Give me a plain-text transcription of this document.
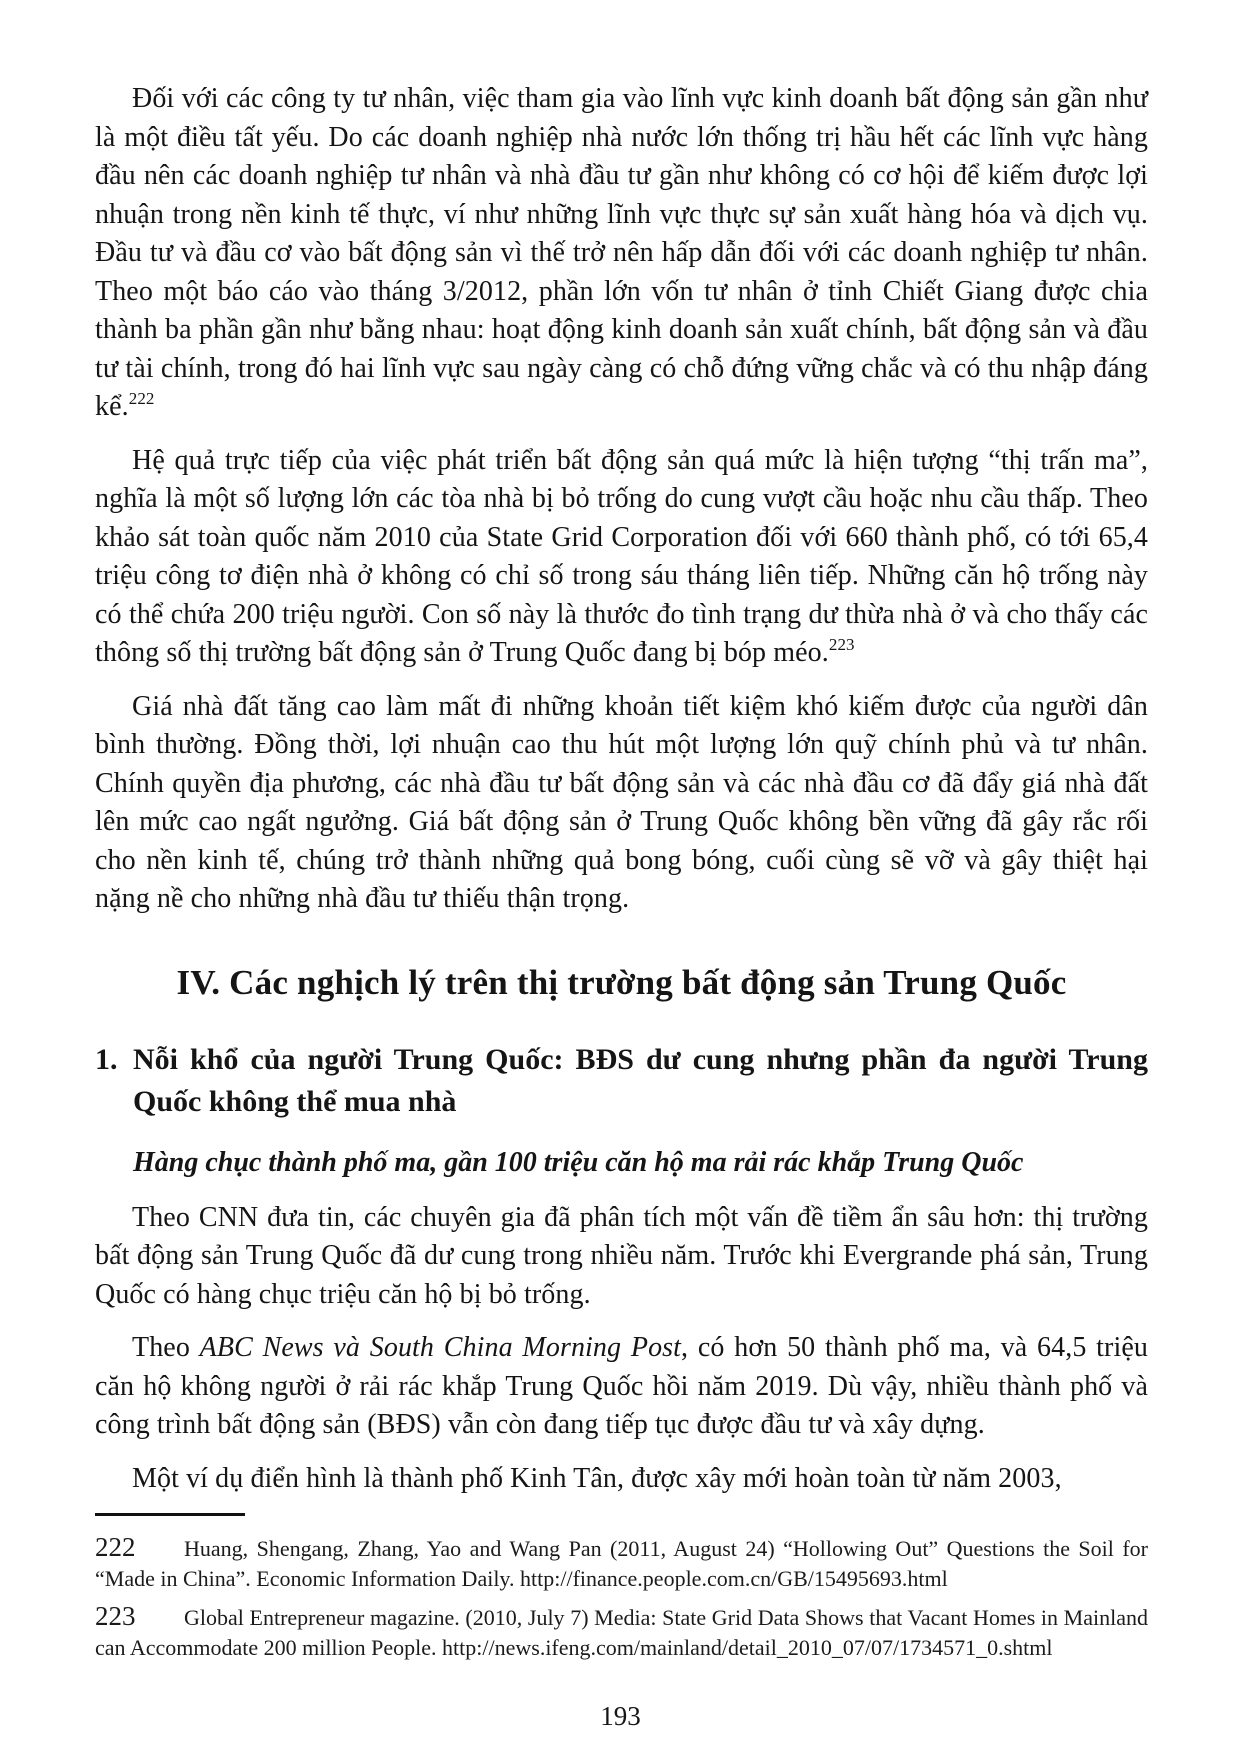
Đối với các công ty tư nhân, việc tham gia vào lĩnh vực kinh doanh bất động sản gần như là một điều tất yếu. Do các doanh nghiệp nhà nước lớn thống trị hầu hết các lĩnh vực hàng đầu nên các doanh nghiệp tư nhân và nhà đầu tư gần như không có cơ hội để kiếm được lợi nhuận trong nền kinh tế thực, ví như những lĩnh vực thực sự sản xuất hàng hóa và dịch vụ. Đầu tư và đầu cơ vào bất động sản vì thế trở nên hấp dẫn đối với các doanh nghiệp tư nhân. Theo một báo cáo vào tháng 3/2012, phần lớn vốn tư nhân ở tỉnh Chiết Giang được chia thành ba phần gần như bằng nhau: hoạt động kinh doanh sản xuất chính, bất động sản và đầu tư tài chính, trong đó hai lĩnh vực sau ngày càng có chỗ đứng vững chắc và có thu nhập đáng kể.$^{222}$

Hệ quả trực tiếp của việc phát triển bất động sản quá mức là hiện tượng “thị trấn ma”, nghĩa là một số lượng lớn các tòa nhà bị bỏ trống do cung vượt cầu hoặc nhu cầu thấp. Theo khảo sát toàn quốc năm 2010 của State Grid Corporation đối với 660 thành phố, có tới 65,4 triệu công tơ điện nhà ở không có chỉ số trong sáu tháng liên tiếp. Những căn hộ trống này có thể chứa 200 triệu người. Con số này là thước đo tình trạng dư thừa nhà ở và cho thấy các thông số thị trường bất động sản ở Trung Quốc đang bị bóp méo.$^{223}$

Giá nhà đất tăng cao làm mất đi những khoản tiết kiệm khó kiếm được của người dân bình thường. Đồng thời, lợi nhuận cao thu hút một lượng lớn quỹ chính phủ và tư nhân. Chính quyền địa phương, các nhà đầu tư bất động sản và các nhà đầu cơ đã đẩy giá nhà đất lên mức cao ngất ngưởng. Giá bất động sản ở Trung Quốc không bền vững đã gây rắc rối cho nền kinh tế, chúng trở thành những quả bong bóng, cuối cùng sẽ vỡ và gây thiệt hại nặng nề cho những nhà đầu tư thiếu thận trọng.

IV. Các nghịch lý trên thị trường bất động sản Trung Quốc
1. Nỗi khổ của người Trung Quốc: BĐS dư cung nhưng phần đa người Trung Quốc không thể mua nhà
Hàng chục thành phố ma, gần 100 triệu căn hộ ma rải rác khắp Trung Quốc

Theo CNN đưa tin, các chuyên gia đã phân tích một vấn đề tiềm ẩn sâu hơn: thị trường bất động sản Trung Quốc đã dư cung trong nhiều năm. Trước khi Evergrande phá sản, Trung Quốc có hàng chục triệu căn hộ bị bỏ trống.

Theo ABC News và South China Morning Post, có hơn 50 thành phố ma, và 64,5 triệu căn hộ không người ở rải rác khắp Trung Quốc hồi năm 2019. Dù vậy, nhiều thành phố và công trình bất động sản (BĐS) vẫn còn đang tiếp tục được đầu tư và xây dựng.

Một ví dụ điển hình là thành phố Kinh Tân, được xây mới hoàn toàn từ năm 2003,

222 Huang, Shengang, Zhang, Yao and Wang Pan (2011, August 24) “Hollowing Out” Questions the Soil for “Made in China”. Economic Information Daily. http://finance.people.com.cn/GB/15495693.html

223 Global Entrepreneur magazine. (2010, July 7) Media: State Grid Data Shows that Vacant Homes in Mainland can Accommodate 200 million People. http://news.ifeng.com/mainland/detail_2010_07/07/1734571_0.shtml

193
